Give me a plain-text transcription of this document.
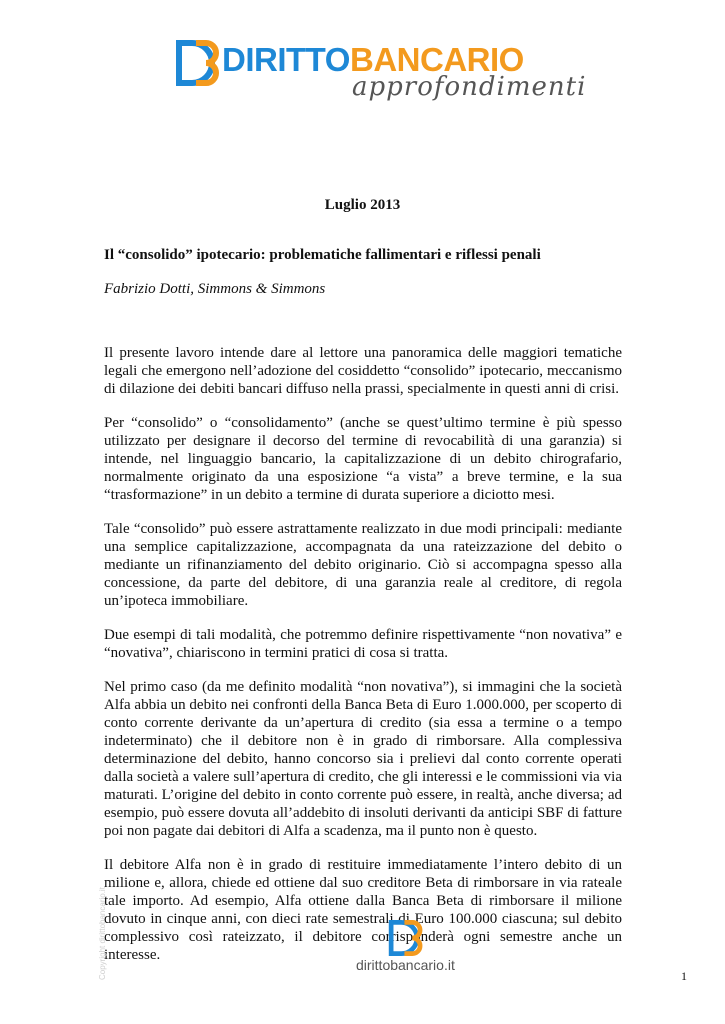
DIRITTO BANCARIO
approfondimenti
Luglio 2013
Il “consolido” ipotecario: problematiche fallimentari e riflessi penali
Fabrizio Dotti, Simmons & Simmons

Il presente lavoro intende dare al lettore una panoramica delle maggiori tematiche legali che emergono nell’adozione del cosiddetto “consolido” ipotecario, meccanismo di dilazione dei debiti bancari diffuso nella prassi, specialmente in questi anni di crisi.

Per “consolido” o “consolidamento” (anche se quest’ultimo termine è più spesso utilizzato per designare il decorso del termine di revocabilità di una garanzia) si intende, nel linguaggio bancario, la capitalizzazione di un debito chirografario, normalmente originato da una esposizione “a vista” a breve termine, e la sua “trasformazione” in un debito a termine di durata superiore a diciotto mesi.

Tale “consolido” può essere astrattamente realizzato in due modi principali: mediante una semplice capitalizzazione, accompagnata da una rateizzazione del debito o mediante un rifinanziamento del debito originario. Ciò si accompagna spesso alla concessione, da parte del debitore, di una garanzia reale al creditore, di regola un’ipoteca immobiliare.

Due esempi di tali modalità, che potremmo definire rispettivamente “non novativa” e “novativa”, chiariscono in termini pratici di cosa si tratta.

Nel primo caso (da me definito modalità “non novativa”), si immagini che la società Alfa abbia un debito nei confronti della Banca Beta di Euro 1.000.000, per scoperto di conto corrente derivante da un’apertura di credito (sia essa a termine o a tempo indeterminato) che il debitore non è in grado di rimborsare. Alla complessiva determinazione del debito, hanno concorso sia i prelievi dal conto corrente operati dalla società a valere sull’apertura di credito, che gli interessi e le commissioni via via maturati. L’origine del debito in conto corrente può essere, in realtà, anche diversa; ad esempio, può essere dovuta all’addebito di insoluti derivanti da anticipi SBF di fatture poi non pagate dai debitori di Alfa a scadenza, ma il punto non è questo.

Il debitore Alfa non è in grado di restituire immediatamente l’intero debito di un milione e, allora, chiede ed ottiene dal suo creditore Beta di rimborsare in via rateale tale importo. Ad esempio, Alfa ottiene dalla Banca Beta di rimborsare il milione dovuto in cinque anni, con dieci rate semestrali di Euro 100.000 ciascuna; sul debito complessivo così rateizzato, il debitore corrisponderà ogni semestre anche un interesse.

Copyright dirittobancario.it	dirittobancario.it
1
